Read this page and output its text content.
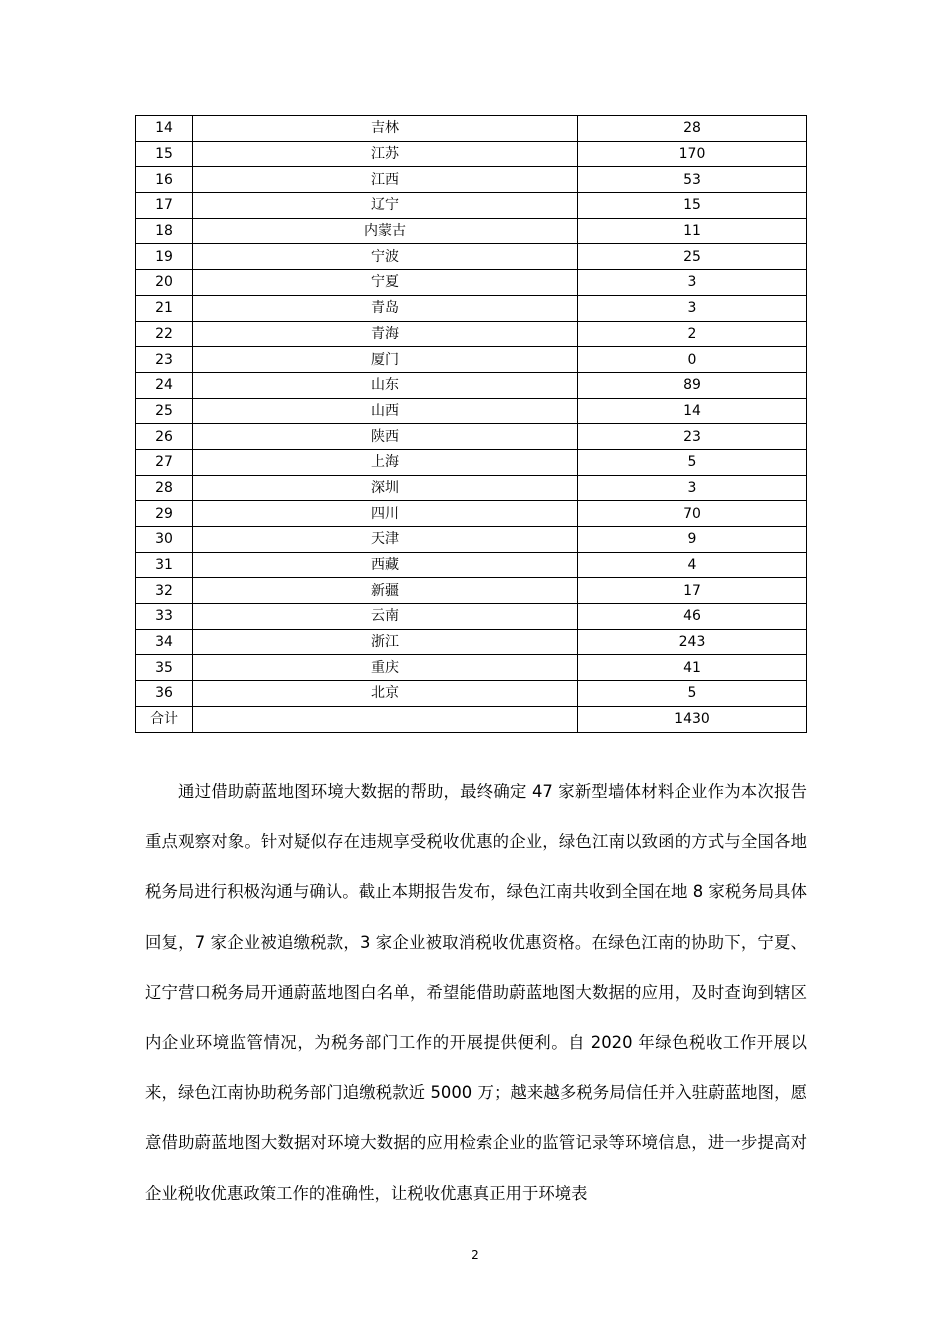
14	吉林	28
15	江苏	170
16	江西	53
17	辽宁	15
18	内蒙古	11
19	宁波	25
20	宁夏	3
21	青岛	3
22	青海	2
23	厦门	0
24	山东	89
25	山西	14
26	陕西	23
27	上海	5
28	深圳	3
29	四川	70
30	天津	9
31	西藏	4
32	新疆	17
33	云南	46
34	浙江	243
35	重庆	41
36	北京	5
合计		1430

通过借助蔚蓝地图环境大数据的帮助，最终确定 47 家新型墙体材料企业作为本次报告重点观察对象。针对疑似存在违规享受税收优惠的企业，绿色江南以致函的方式与全国各地税务局进行积极沟通与确认。截止本期报告发布，绿色江南共收到全国在地 8 家税务局具体回复，7 家企业被追缴税款，3 家企业被取消税收优惠资格。在绿色江南的协助下，宁夏、辽宁营口税务局开通蔚蓝地图白名单，希望能借助蔚蓝地图大数据的应用，及时查询到辖区内企业环境监管情况，为税务部门工作的开展提供便利。自 2020 年绿色税收工作开展以来，绿色江南协助税务部门追缴税款近 5000 万；越来越多税务局信任并入驻蔚蓝地图，愿意借助蔚蓝地图大数据对环境大数据的应用检索企业的监管记录等环境信息，进一步提高对企业税收优惠政策工作的准确性，让税收优惠真正用于环境表

2
